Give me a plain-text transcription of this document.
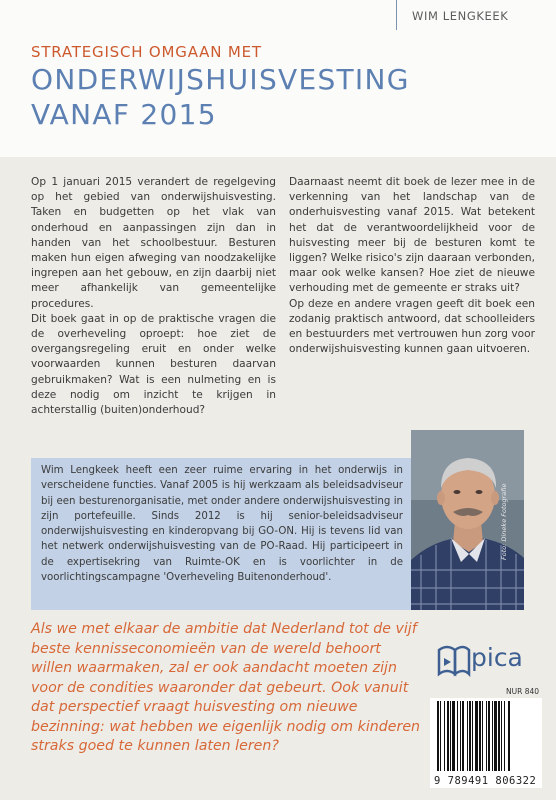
WIM LENGKEEK
STRATEGISCH OMGAAN MET
ONDERWIJSHUISVESTING
VANAF 2015

Op 1 januari 2015 verandert de regelgeving op het gebied van onderwijshuisvesting. Taken en budgetten op het vlak van onderhoud en aanpassingen zijn dan in handen van het schoolbestuur. Besturen maken hun eigen afweging van noodzakelijke ingrepen aan het gebouw, en zijn daarbij niet meer afhankelijk van gemeentelijke procedures.

Dit boek gaat in op de praktische vragen die de overheveling oproept: hoe ziet de overgangsregeling eruit en onder welke voorwaarden kunnen besturen daarvan gebruikmaken? Wat is een nulmeting en is deze nodig om inzicht te krijgen in achterstallig (buiten)onderhoud?

Daarnaast neemt dit boek de lezer mee in de verkenning van het landschap van de onderhuisvesting vanaf 2015. Wat betekent het dat de verantwoordelijkheid voor de huisvesting meer bij de besturen komt te liggen? Welke risico's zijn daaraan verbonden, maar ook welke kansen? Hoe ziet de nieuwe verhouding met de gemeente er straks uit?

Op deze en andere vragen geeft dit boek een zodanig praktisch antwoord, dat schoolleiders en bestuurders met vertrouwen hun zorg voor onderwijshuisvesting kunnen gaan uitvoeren.

Wim Lengkeek heeft een zeer ruime ervaring in het onderwijs in verscheidene functies. Vanaf 2005 is hij werkzaam als beleidsadviseur bij een besturenorganisatie, met onder andere onderwijshuisvesting in zijn portefeuille. Sinds 2012 is hij senior-beleidsadviseur onderwijshuisvesting en kinderopvang bij GO-ON. Hij is tevens lid van het netwerk onderwijshuisvesting van de PO-Raad. Hij participeert in de expertisekring van Ruimte-OK en is voorlichter in de voorlichtingscampagne 'Overheveling Buitenonderhoud'.
Foto: Dineke Fotografie
Als we met elkaar de ambitie dat Nederland tot de vijf beste kennisseconomieën van de wereld behoort willen waarmaken, zal er ook aandacht moeten zijn voor de condities waaronder dat gebeurt. Ook vanuit dat perspectief vraagt huisvesting om nieuwe bezinning: wat hebben we eigenlijk nodig om kinderen straks goed te kunnen laten leren?
pica
NUR 840
9 789491 806322
